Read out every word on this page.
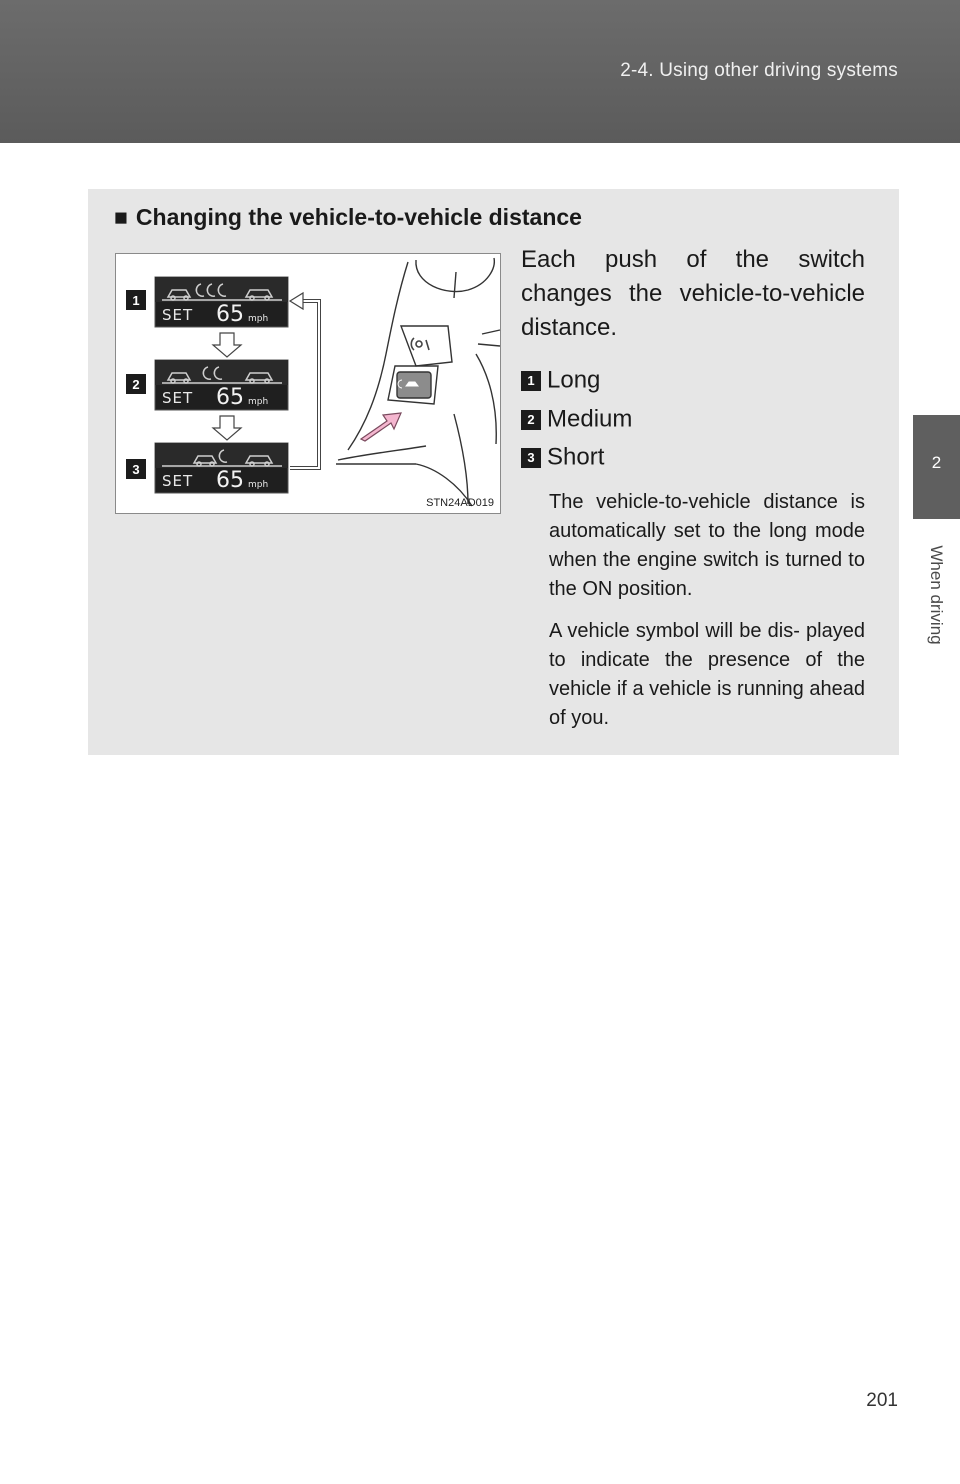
2-4. Using other driving systems
2
When driving
■ Changing the vehicle-to-vehicle distance
1
2
3
SET 65 mph
SET 65 mph
SET 65 mph
STN24AD019
Each push of the switch changes the vehicle-to-vehicle distance.
1 Long
2 Medium
3 Short
The vehicle-to-vehicle distance is automatically set to the long mode when the engine switch is turned to the ON position.
A vehicle symbol will be dis- played to indicate the presence of the vehicle if a vehicle is running ahead of you.
201
